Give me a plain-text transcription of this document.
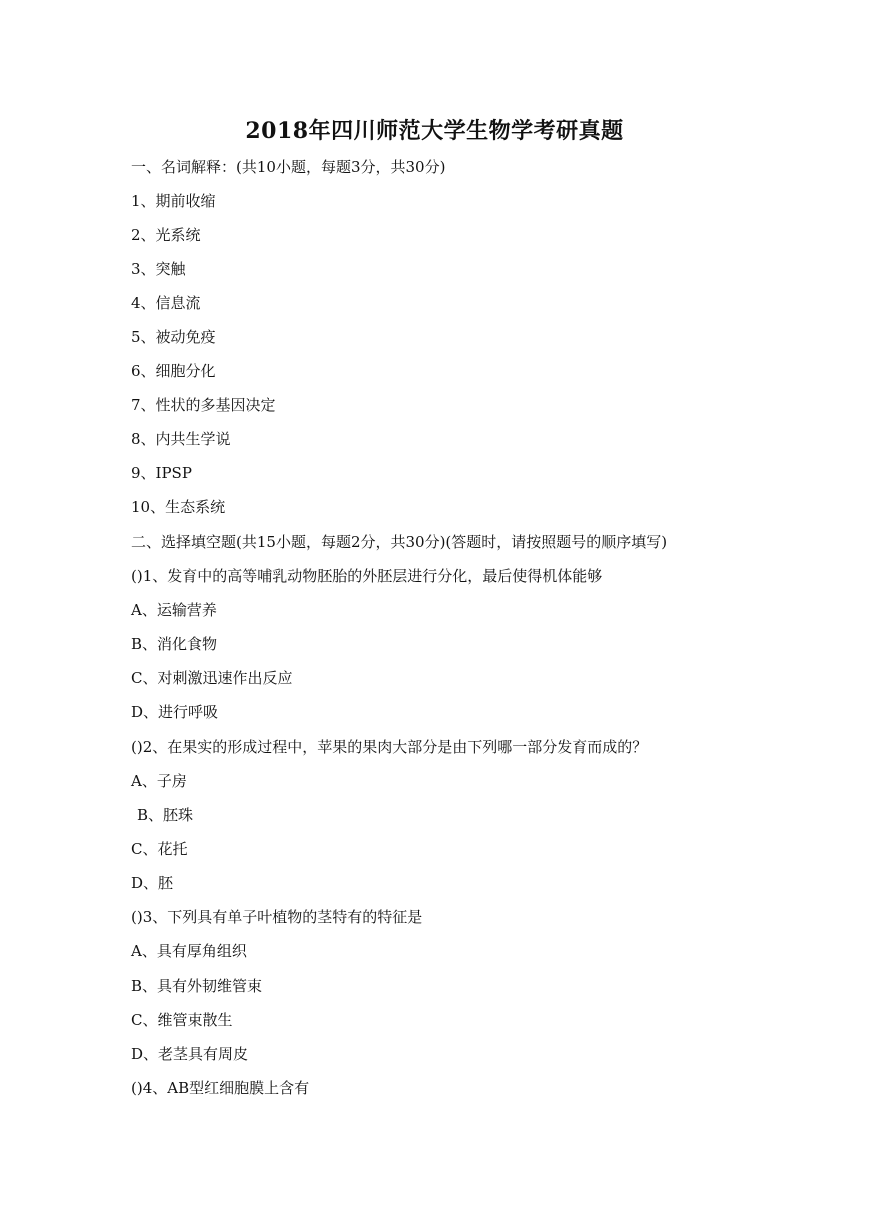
2018年四川师范大学生物学考研真题
一、名词解释：(共10小题，每题3分，共30分)
1、期前收缩
2、光系统
3、突触
4、信息流
5、被动免疫
6、细胞分化
7、性状的多基因决定
8、内共生学说
9、IPSP
10、生态系统
二、选择填空题(共15小题，每题2分，共30分)(答题时，请按照题号的顺序填写)
()1、发育中的高等哺乳动物胚胎的外胚层进行分化，最后使得机体能够
A、运输营养
B、消化食物
C、对刺激迅速作出反应
D、进行呼吸
()2、在果实的形成过程中，苹果的果肉大部分是由下列哪一部分发育而成的？
A、子房
B、胚珠
C、花托
D、胚
()3、下列具有单子叶植物的茎特有的特征是
A、具有厚角组织
B、具有外韧维管束
C、维管束散生
D、老茎具有周皮
()4、AB型红细胞膜上含有
